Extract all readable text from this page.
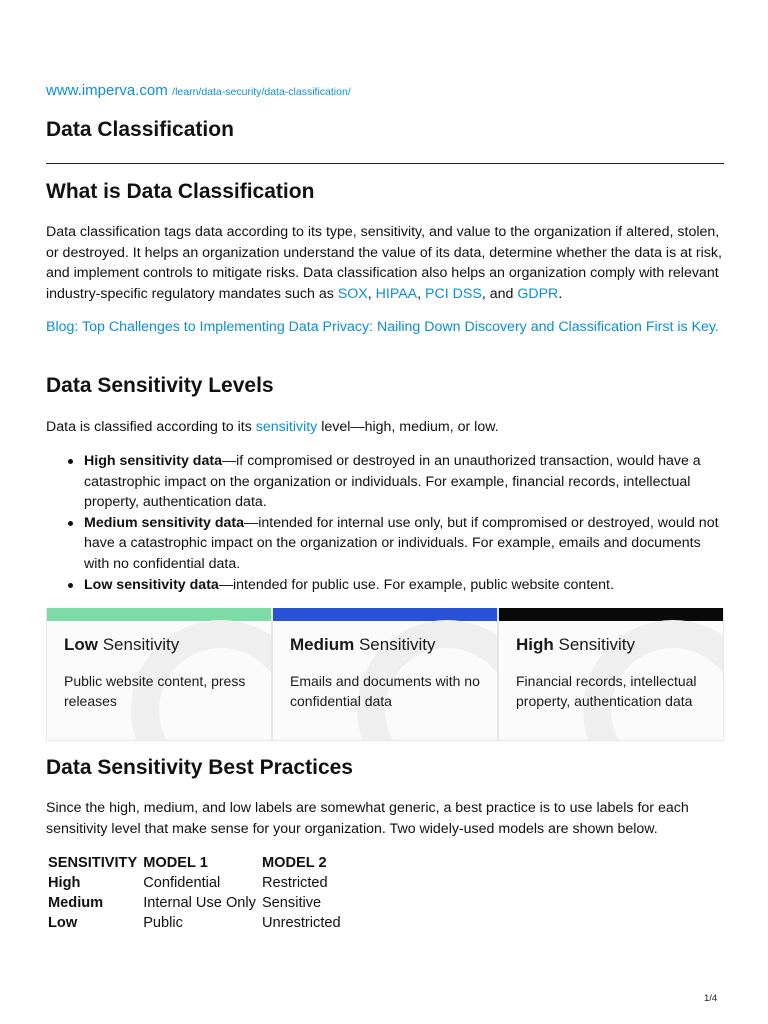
www.imperva.com /learn/data-security/data-classification/
Data Classification
What is Data Classification

Data classification tags data according to its type, sensitivity, and value to the organization if altered, stolen, or destroyed. It helps an organization understand the value of its data, determine whether the data is at risk, and implement controls to mitigate risks. Data classification also helps an organization comply with relevant industry-specific regulatory mandates such as SOX, HIPAA, PCI DSS, and GDPR.

Blog: Top Challenges to Implementing Data Privacy: Nailing Down Discovery and Classification First is Key.

Data Sensitivity Levels

Data is classified according to its sensitivity level—high, medium, or low.

High sensitivity data—if compromised or destroyed in an unauthorized transaction, would have a catastrophic impact on the organization or individuals. For example, financial records, intellectual property, authentication data.
Medium sensitivity data—intended for internal use only, but if compromised or destroyed, would not have a catastrophic impact on the organization or individuals. For example, emails and documents with no confidential data.
Low sensitivity data—intended for public use. For example, public website content.
Low Sensitivity
Public website content, press releases
Medium Sensitivity
Emails and documents with no confidential data
High Sensitivity
Financial records, intellectual property, authentication data
Data Sensitivity Best Practices

Since the high, medium, and low labels are somewhat generic, a best practice is to use labels for each sensitivity level that make sense for your organization. Two widely-used models are shown below.

SENSITIVITY	MODEL 1	MODEL 2
High	Confidential	Restricted
Medium	Internal Use Only	Sensitive
Low	Public	Unrestricted
1/4
